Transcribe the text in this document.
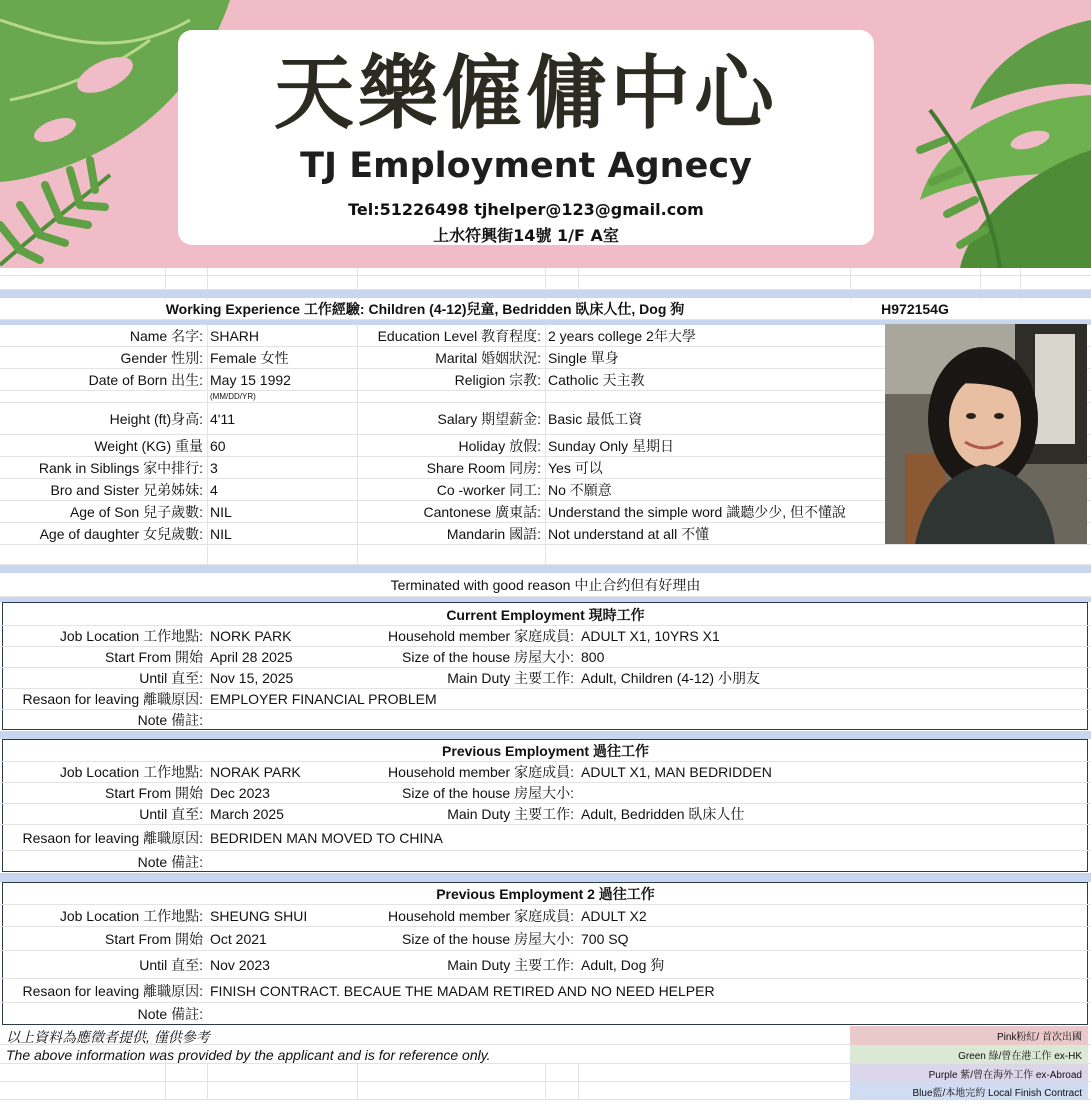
天樂僱傭中心
TJ Employment Agnecy
Tel:51226498 tjhelper@123@gmail.com
上水符興街14號 1/F A室
Working Experience 工作經驗: Children (4-12)兒童, Bedridden 臥床人仕, Dog 狗	H972154G
Name 名字: SHARH	Education Level 教育程度: 2 years college 2年大學
Gender 性別: Female 女性	Marital 婚姻狀況: Single 單身
Date of Born 出生: May 15 1992	Religion 宗教: Catholic 天主教
(MM/DD/YR)
Height (ft)身高: 4'11	Salary 期望薪金: Basic 最低工資
Weight (KG) 重量 60	Holiday 放假: Sunday Only 星期日
Rank in Siblings 家中排行: 3	Share Room 同房: Yes 可以
Bro and Sister 兄弟姊妹: 4	Co -worker 同工: No 不願意
Age of Son 兒子歲數: NIL	Cantonese 廣東話: Understand the simple word 識聽少少, 但不懂說
Age of daughter 女兒歲數: NIL	Mandarin 國語: Not understand at all 不懂
Terminated with good reason 中止合约但有好理由
Current Employment 現時工作
Job Location 工作地點: NORK PARK	Household member 家庭成員: ADULT X1, 10YRS X1
Start From 開始 April 28 2025	Size of the house 房屋大小: 800
Until 直至: Nov 15, 2025	Main Duty 主要工作: Adult, Children (4-12) 小朋友
Resaon for leaving 離職原因: EMPLOYER FINANCIAL PROBLEM
Note 備註:
Previous Employment 過往工作
Job Location 工作地點: NORAK PARK	Household member 家庭成員: ADULT X1, MAN BEDRIDDEN
Start From 開始 Dec 2023	Size of the house 房屋大小:
Until 直至: March 2025	Main Duty 主要工作: Adult, Bedridden 臥床人仕
Resaon for leaving 離職原因: BEDRIDEN MAN MOVED TO CHINA
Note 備註:
Previous Employment 2 過往工作
Job Location 工作地點: SHEUNG SHUI	Household member 家庭成員: ADULT X2
Start From 開始 Oct 2021	Size of the house 房屋大小: 700 SQ
Until 直至: Nov 2023	Main Duty 主要工作: Adult, Dog 狗
Resaon for leaving 離職原因: FINISH CONTRACT. BECAUE THE MADAM RETIRED AND NO NEED HELPER
Note 備註:
以上資料為應徵者提供, 僅供參考
The above information was provided by the applicant and is for reference only.
Pink粉紅/ 首次出國
Green 綠/曾在港工作 ex-HK
Purple 紫/曾在海外工作 ex-Abroad
Blue藍/本地完約 Local Finish Contract
